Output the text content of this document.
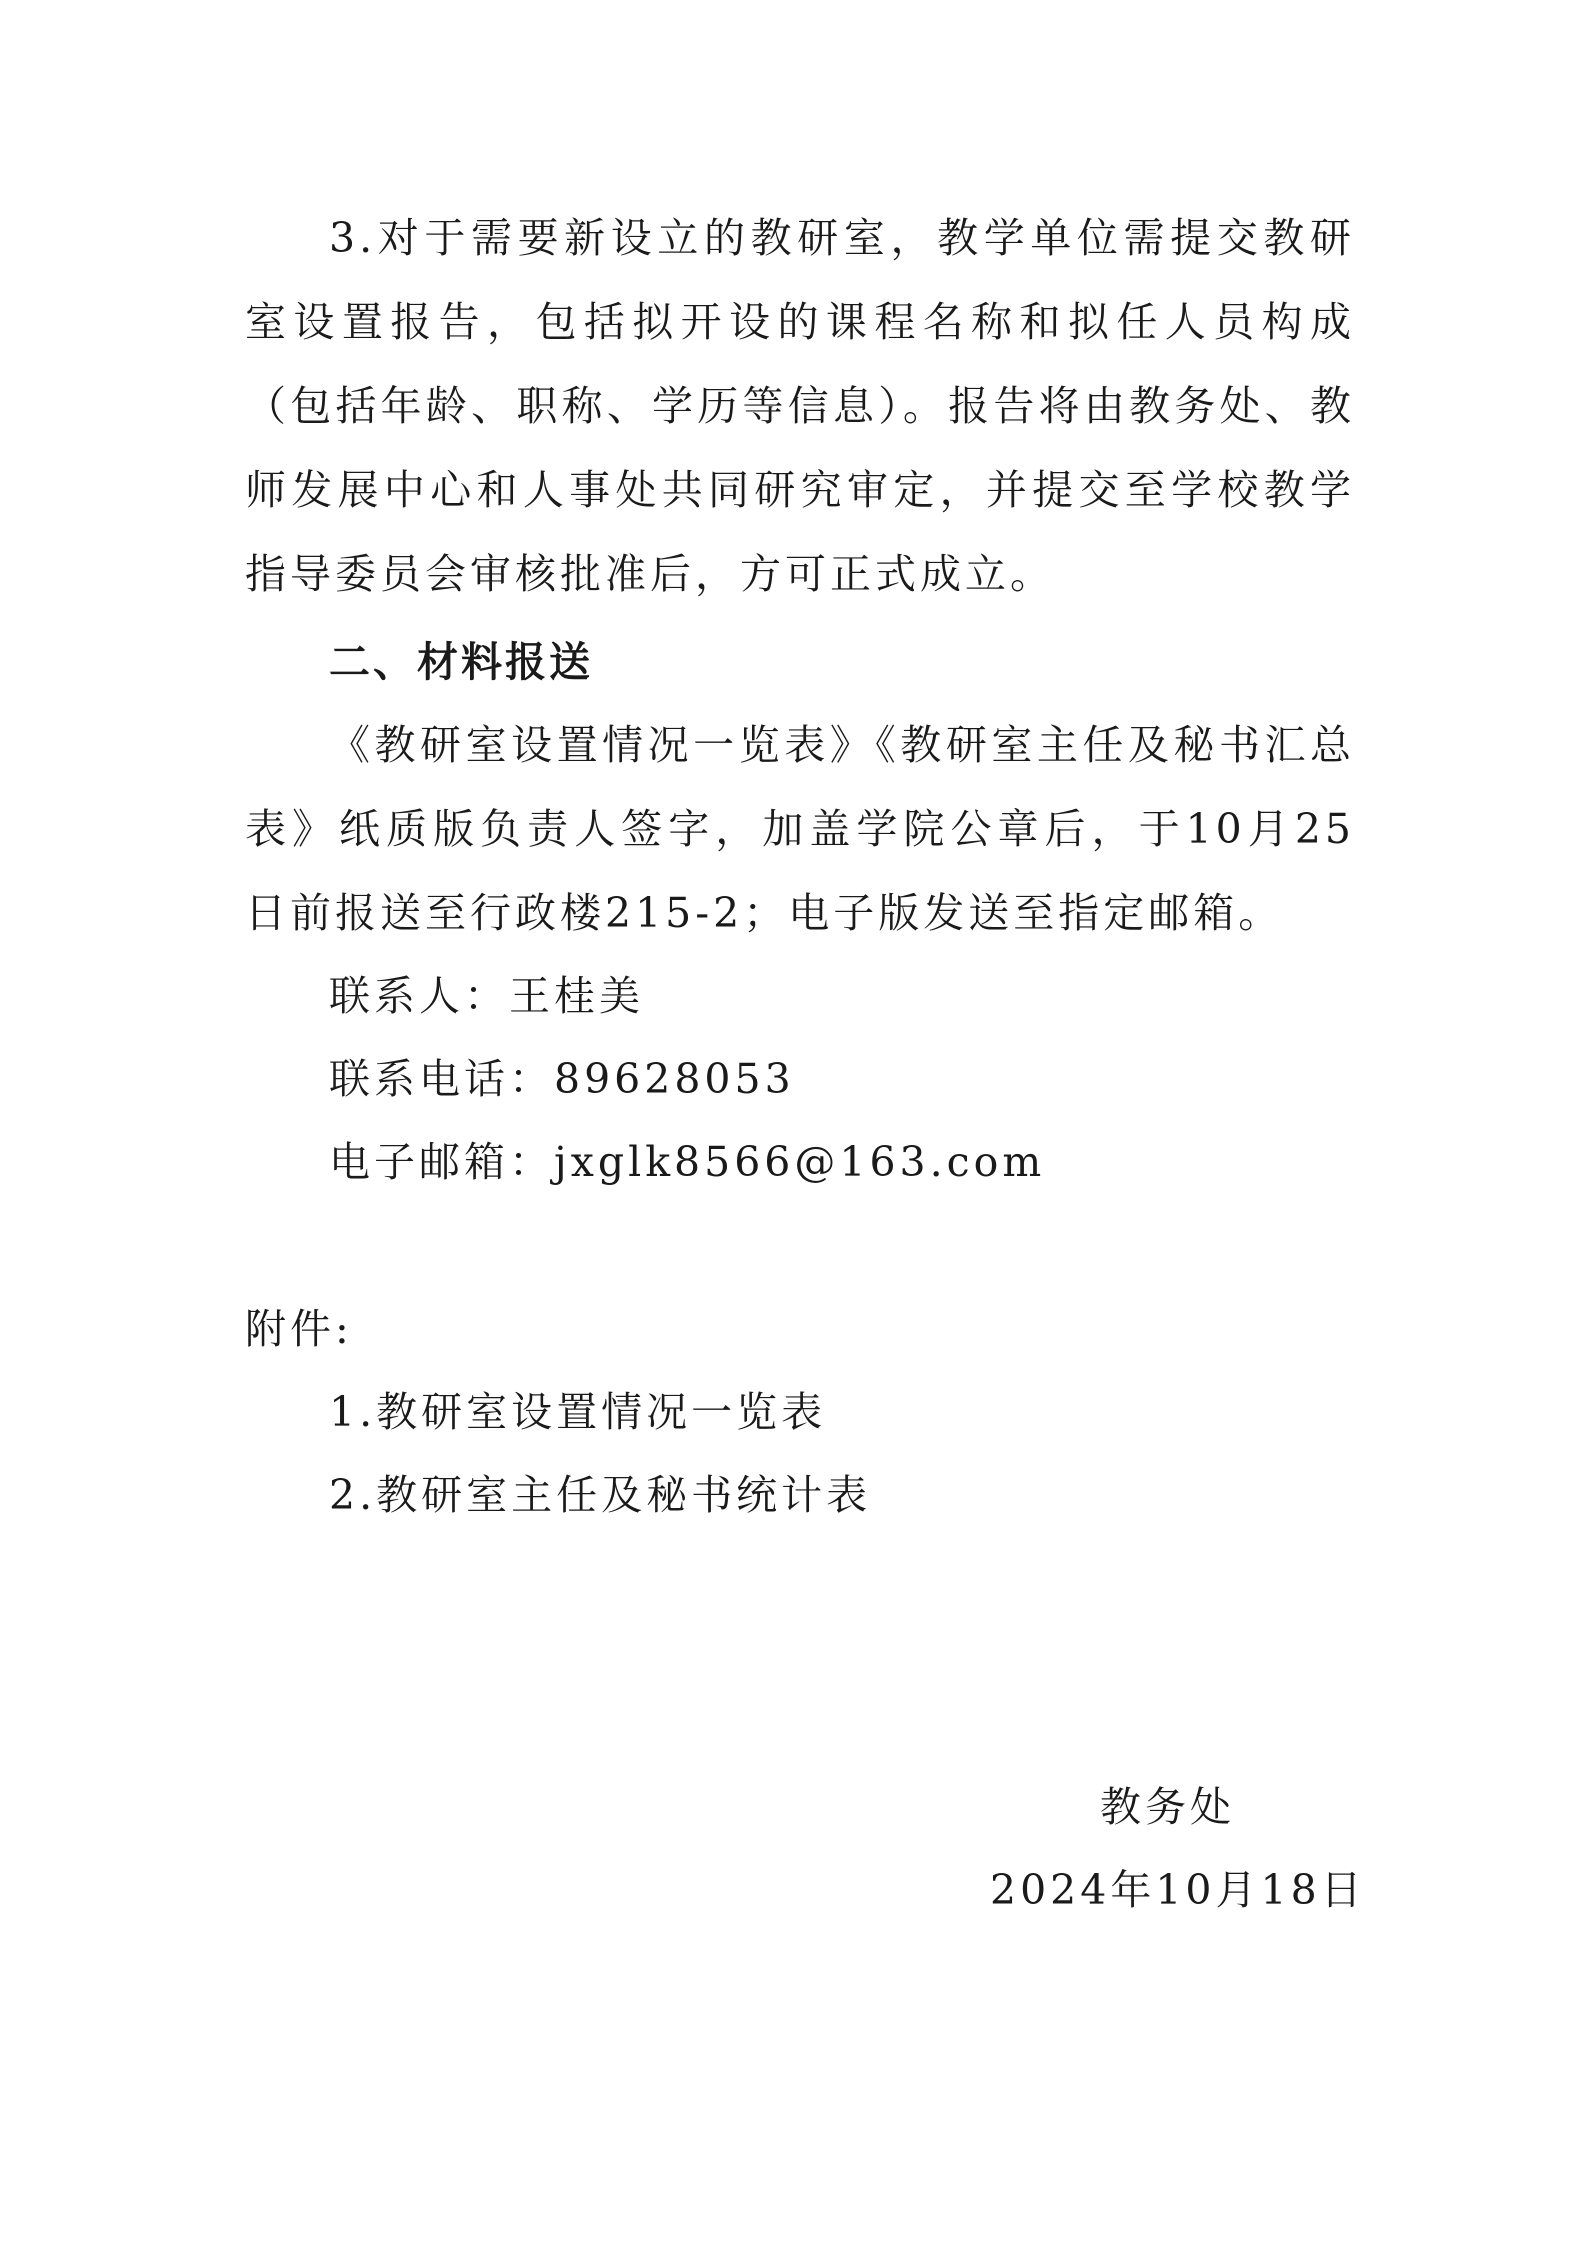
3.对于需要新设立的教研室，教学单位需提交教研室设置报告，包括拟开设的课程名称和拟任人员构成（包括年龄、职称、学历等信息）。报告将由教务处、教师发展中心和人事处共同研究审定，并提交至学校教学指导委员会审核批准后，方可正式成立。

二、材料报送

《教研室设置情况一览表》《教研室主任及秘书汇总表》纸质版负责人签字，加盖学院公章后，于10月25日前报送至行政楼215-2；电子版发送至指定邮箱。

联系人：王桂美
联系电话：89628053
电子邮箱：jxglk8566@163.com
附件:
1.教研室设置情况一览表
2.教研室主任及秘书统计表
教务处
2024年10月18日
